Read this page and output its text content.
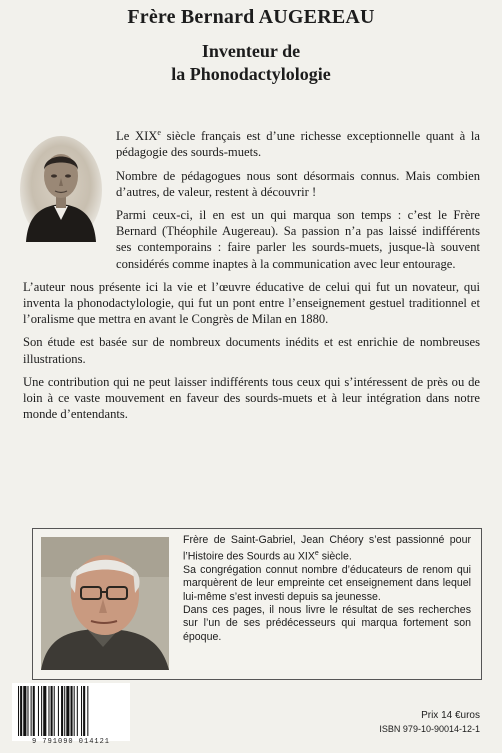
Frère Bernard AUGEREAU
Inventeur de
la Phonodactylologie

Le XIXe siècle français est d’une richesse exceptionnelle quant à la pédagogie des sourds-muets.

Nombre de pédagogues nous sont désormais connus. Mais combien d’autres, de valeur, restent à découvrir !

Parmi ceux-ci, il en est un qui marqua son temps : c’est le Frère Bernard (Théophile Augereau). Sa passion n’a pas laissé indifférents ses contemporains : faire parler les sourds-muets, jusque-là souvent considérés comme inaptes à la communication avec leur entourage.

L’auteur nous présente ici la vie et l’œuvre éducative de celui qui fut un novateur, qui inventa la phonodactylologie, qui fut un pont entre l’enseignement gestuel traditionnel et l’oralisme que mettra en avant le Congrès de Milan en 1880.

Son étude est basée sur de nombreux documents inédits et est enrichie de nombreuses illustrations.

Une contribution qui ne peut laisser indifférents tous ceux qui s’intéressent de près ou de loin à ce vaste mouvement en faveur des sourds-muets et à leur intégration dans notre monde d’entendants.

Frère de Saint-Gabriel, Jean Chéory s’est passionné pour l’Histoire des Sourds au XIXe siècle.

Sa congrégation connut nombre d’éducateurs de renom qui marquèrent de leur empreinte cet enseignement dans lequel lui-même s’est investi depuis sa jeunesse.

Dans ces pages, il nous livre le résultat de ses recherches sur l’un de ses prédécesseurs qui marqua fortement son époque.

9 791090 014121
Prix 14 €uros
ISBN 979-10-90014-12-1
